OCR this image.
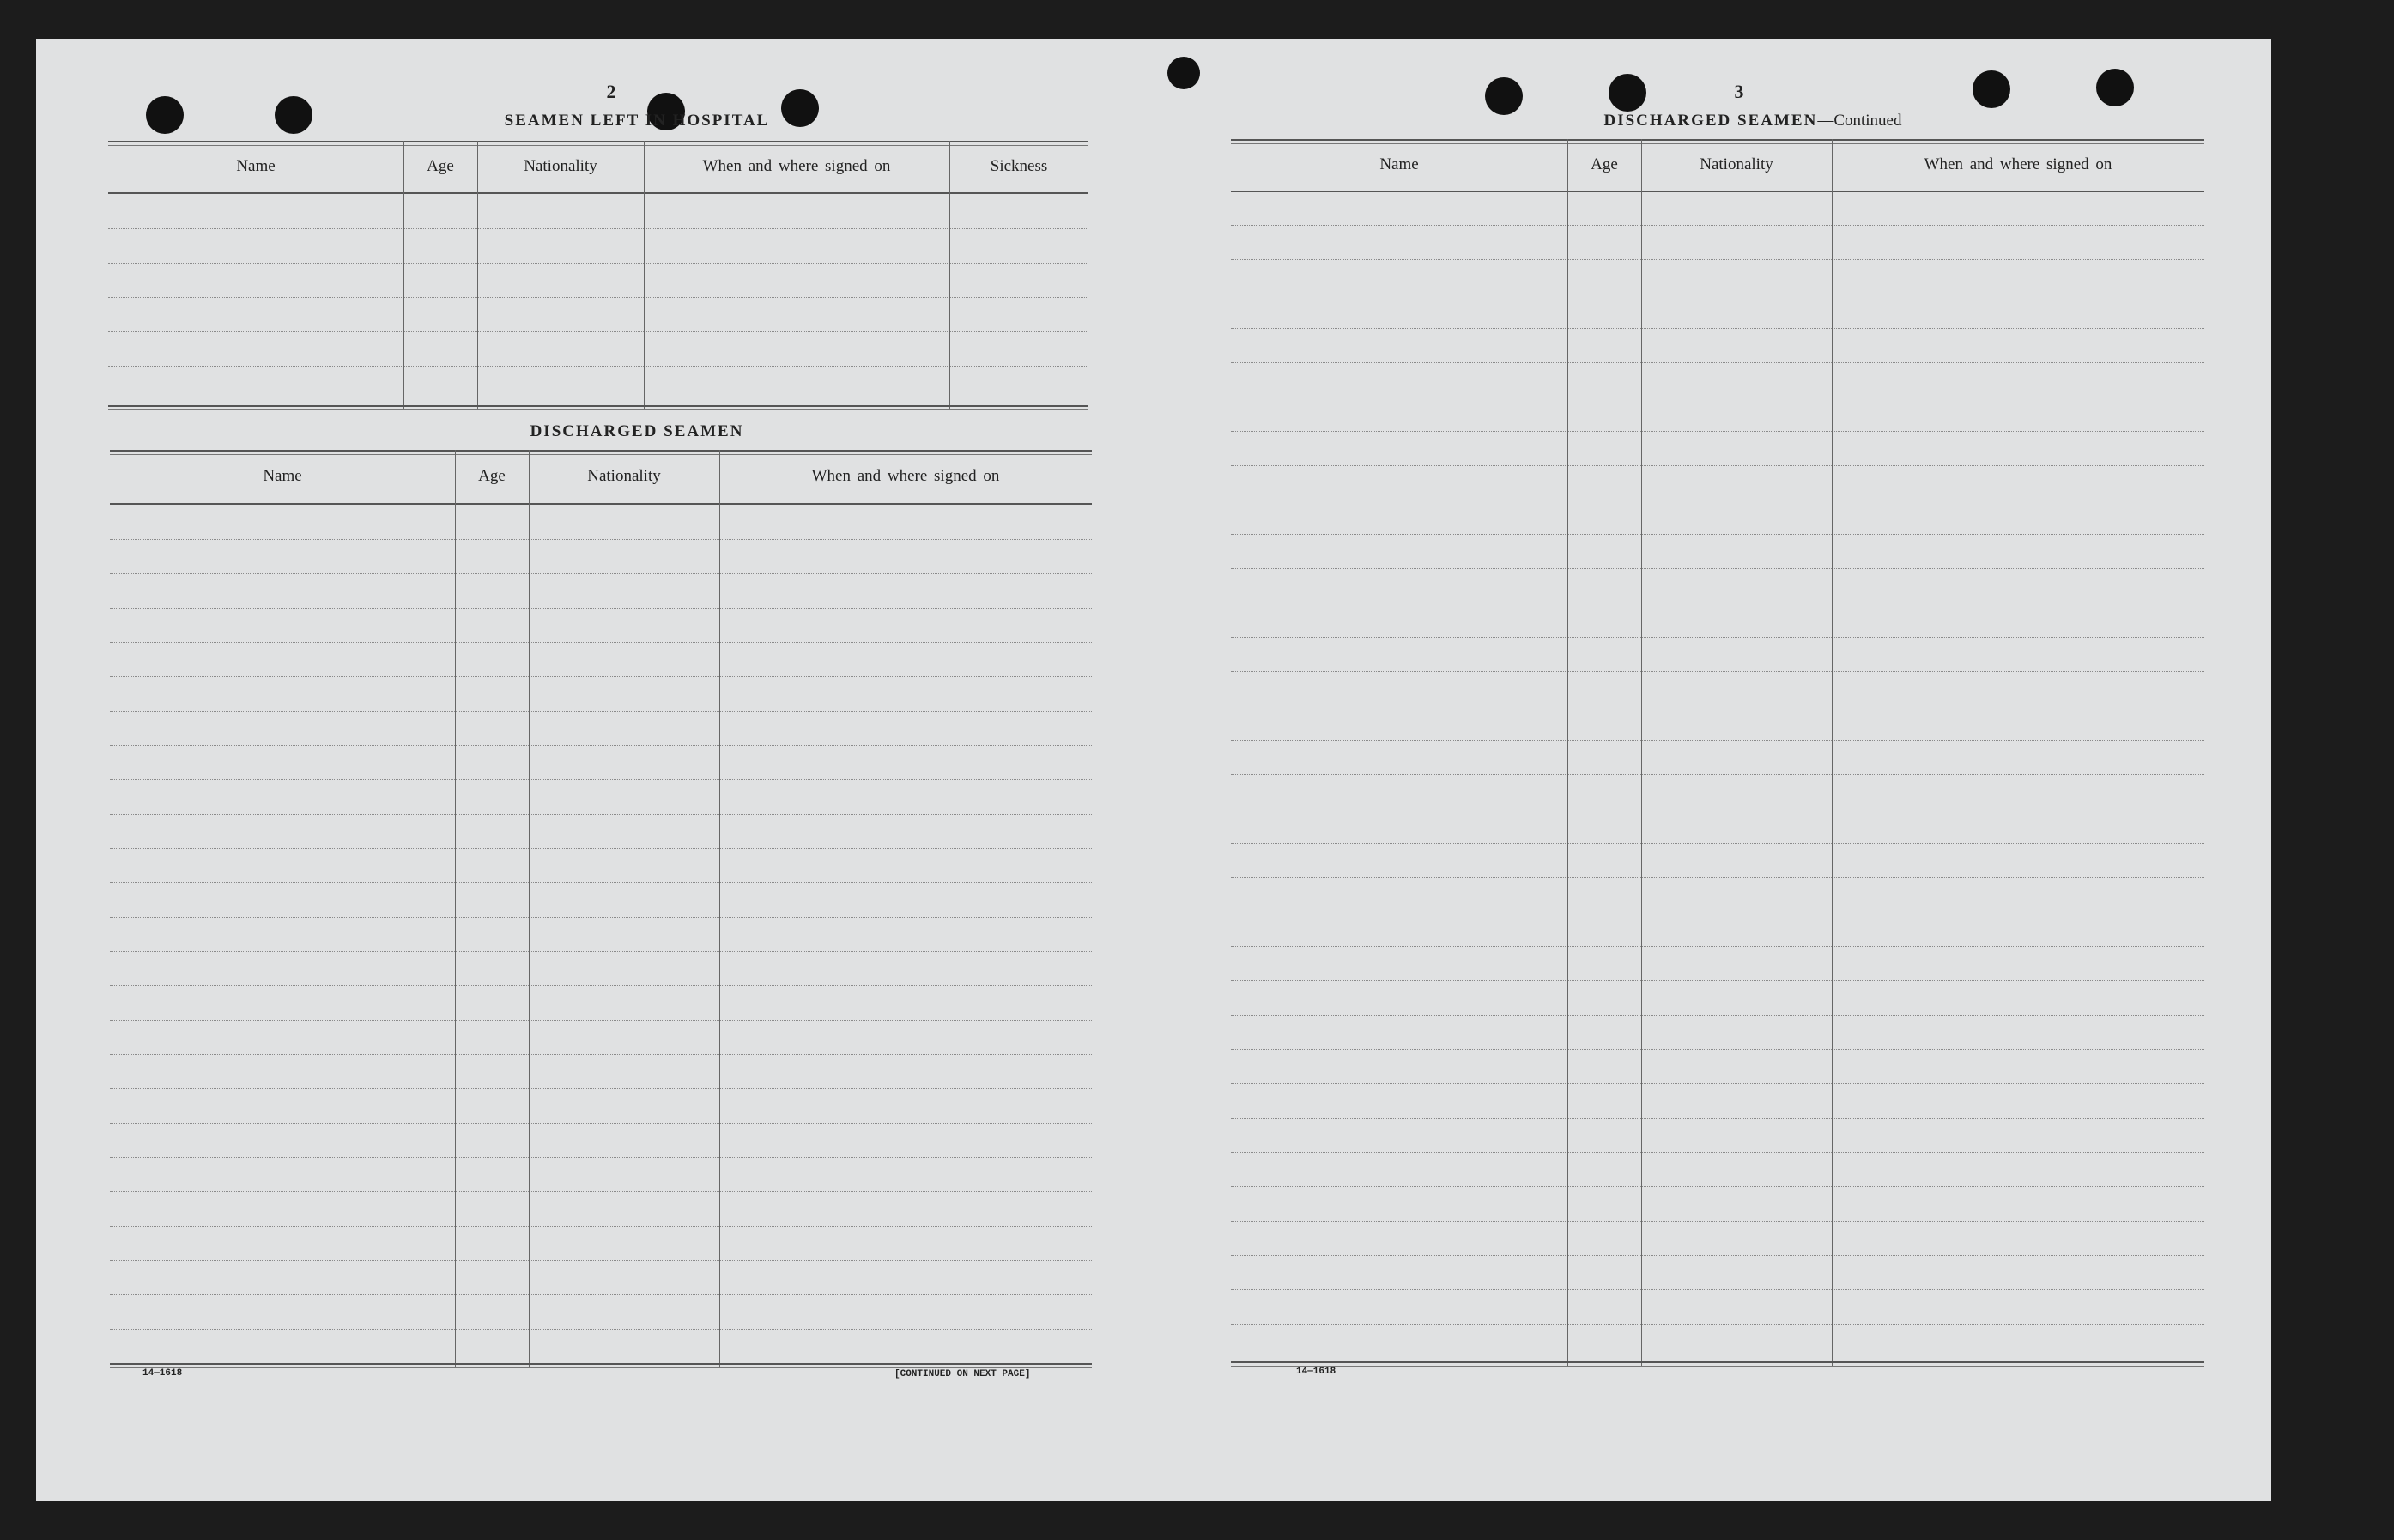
2
SEAMEN LEFT IN HOSPITAL
Name	Age	Nationality	When and where signed on	Sickness
DISCHARGED SEAMEN
Name	Age	Nationality	When and where signed on
14—1618	[CONTINUED ON NEXT PAGE]
3
DISCHARGED SEAMEN—Continued
Name	Age	Nationality	When and where signed on
14—1618
